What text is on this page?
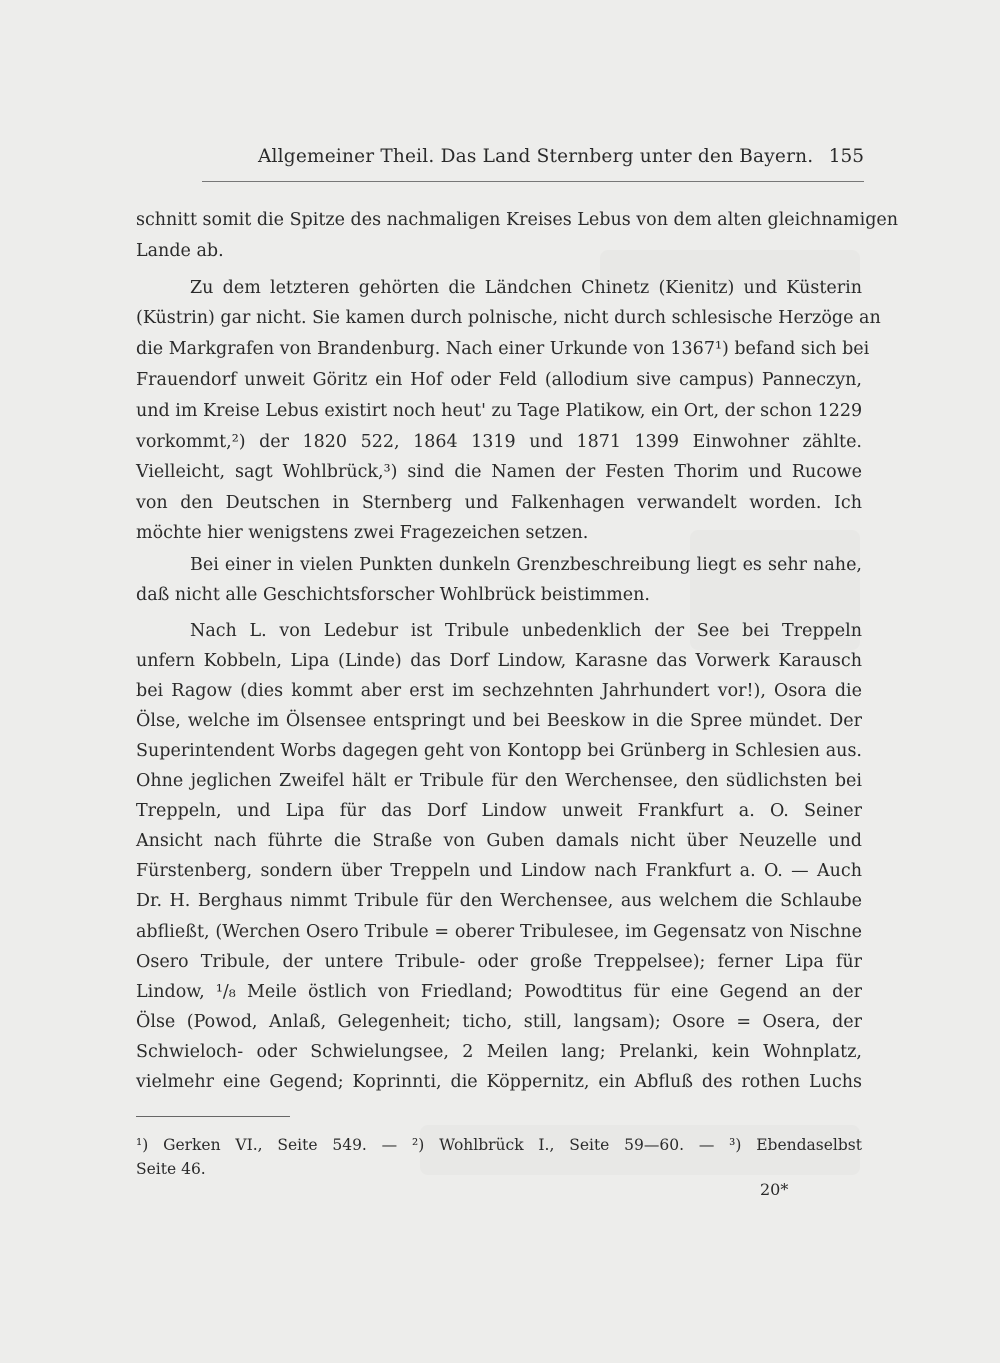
Allgemeiner Theil. Das Land Sternberg unter den Bayern. 155
schnitt somit die Spitze des nachmaligen Kreises Lebus von dem alten gleichnamigen
Lande ab.
Zu dem letzteren gehörten die Ländchen Chinetz (Kienitz) und Küsterin
(Küstrin) gar nicht. Sie kamen durch polnische, nicht durch schlesische Herzöge an
die Markgrafen von Brandenburg. Nach einer Urkunde von 1367¹) befand sich bei
Frauendorf unweit Göritz ein Hof oder Feld (allodium sive campus) Panneczyn,
und im Kreise Lebus existirt noch heut' zu Tage Platikow, ein Ort, der schon 1229
vorkommt,²) der 1820 522, 1864 1319 und 1871 1399 Einwohner zählte.
Vielleicht, sagt Wohlbrück,³) sind die Namen der Festen Thorim und Rucowe
von den Deutschen in Sternberg und Falkenhagen verwandelt worden. Ich
möchte hier wenigstens zwei Fragezeichen setzen.
Bei einer in vielen Punkten dunkeln Grenzbeschreibung liegt es sehr nahe,
daß nicht alle Geschichtsforscher Wohlbrück beistimmen.
Nach L. von Ledebur ist Tribule unbedenklich der See bei Treppeln
unfern Kobbeln, Lipa (Linde) das Dorf Lindow, Karasne das Vorwerk Karausch
bei Ragow (dies kommt aber erst im sechzehnten Jahrhundert vor!), Osora die
Ölse, welche im Ölsensee entspringt und bei Beeskow in die Spree mündet. Der
Superintendent Worbs dagegen geht von Kontopp bei Grünberg in Schlesien aus.
Ohne jeglichen Zweifel hält er Tribule für den Werchensee, den südlichsten bei
Treppeln, und Lipa für das Dorf Lindow unweit Frankfurt a. O. Seiner
Ansicht nach führte die Straße von Guben damals nicht über Neuzelle und
Fürstenberg, sondern über Treppeln und Lindow nach Frankfurt a. O. — Auch
Dr. H. Berghaus nimmt Tribule für den Werchensee, aus welchem die Schlaube
abfließt, (Werchen Osero Tribule = oberer Tribulesee, im Gegensatz von Nischne
Osero Tribule, der untere Tribule- oder große Treppelsee); ferner Lipa für
Lindow, ¹/₈ Meile östlich von Friedland; Powodtitus für eine Gegend an der
Ölse (Powod, Anlaß, Gelegenheit; ticho, still, langsam); Osore = Osera, der
Schwieloch- oder Schwielungsee, 2 Meilen lang; Prelanki, kein Wohnplatz,
vielmehr eine Gegend; Koprinnti, die Köppernitz, ein Abfluß des rothen Luchs
¹) Gerken VI., Seite 549. — ²) Wohlbrück I., Seite 59—60. — ³) Ebendaselbst
Seite 46.
20*
